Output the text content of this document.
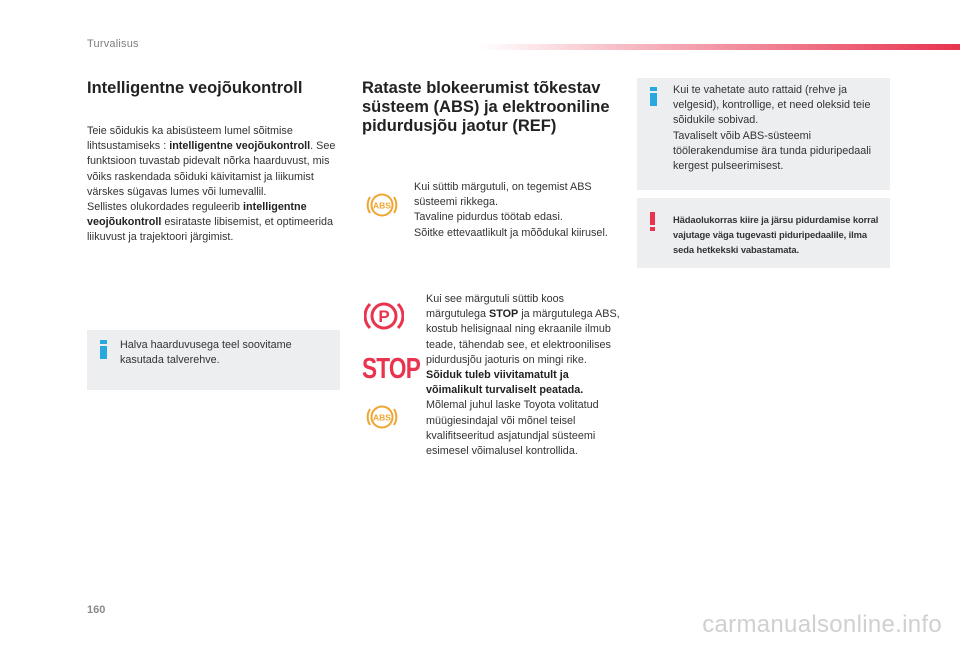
Turvalisus
Intelligentne veojõukontroll
Teie sõidukis ka abisüsteem lumel sõitmise lihtsustamiseks : intelligentne veojõukontroll. See funktsioon tuvastab pidevalt nõrka haarduvust, mis võiks raskendada sõiduki käivitamist ja liikumist värskes sügavas lumes või lumevallil.
Sellistes olukordades reguleerib intelligentne veojõukontroll esirataste libisemist, et optimeerida liikuvust ja trajektoori järgimist.
Halva haarduvusega teel soovitame kasutada talverehve.
Rataste blokeerumist tõkestav süsteem (ABS) ja elektrooniline pidurdusjõu jaotur (REF)
ABS
Kui süttib märgutuli, on tegemist ABS süsteemi rikkega.
Tavaline pidurdus töötab edasi.
Sõitke ettevaatlikult ja mõõdukal kiirusel.
P
STOP
ABS
Kui see märgutuli süttib koos märgutulega STOP ja märgutulega ABS, kostub helisignaal ning ekraanile ilmub teade, tähendab see, et elektroonilises pidurdusjõu jaoturis on mingi rike.
Sõiduk tuleb viivitamatult ja võimalikult turvaliselt peatada.
Mõlemal juhul laske Toyota volitatud müügiesindajal või mõnel teisel kvalifitseeritud asjatundjal süsteemi esimesel võimalusel kontrollida.
Kui te vahetate auto rattaid (rehve ja velgesid), kontrollige, et need oleksid teie sõidukile sobivad.
Tavaliselt võib ABS-süsteemi töölerakendumise ära tunda piduripedaali kergest pulseerimisest.
Hädaolukorras kiire ja järsu pidurdamise korral vajutage väga tugevasti piduripedaalile, ilma seda hetkekski vabastamata.
160
carmanualsonline.info
